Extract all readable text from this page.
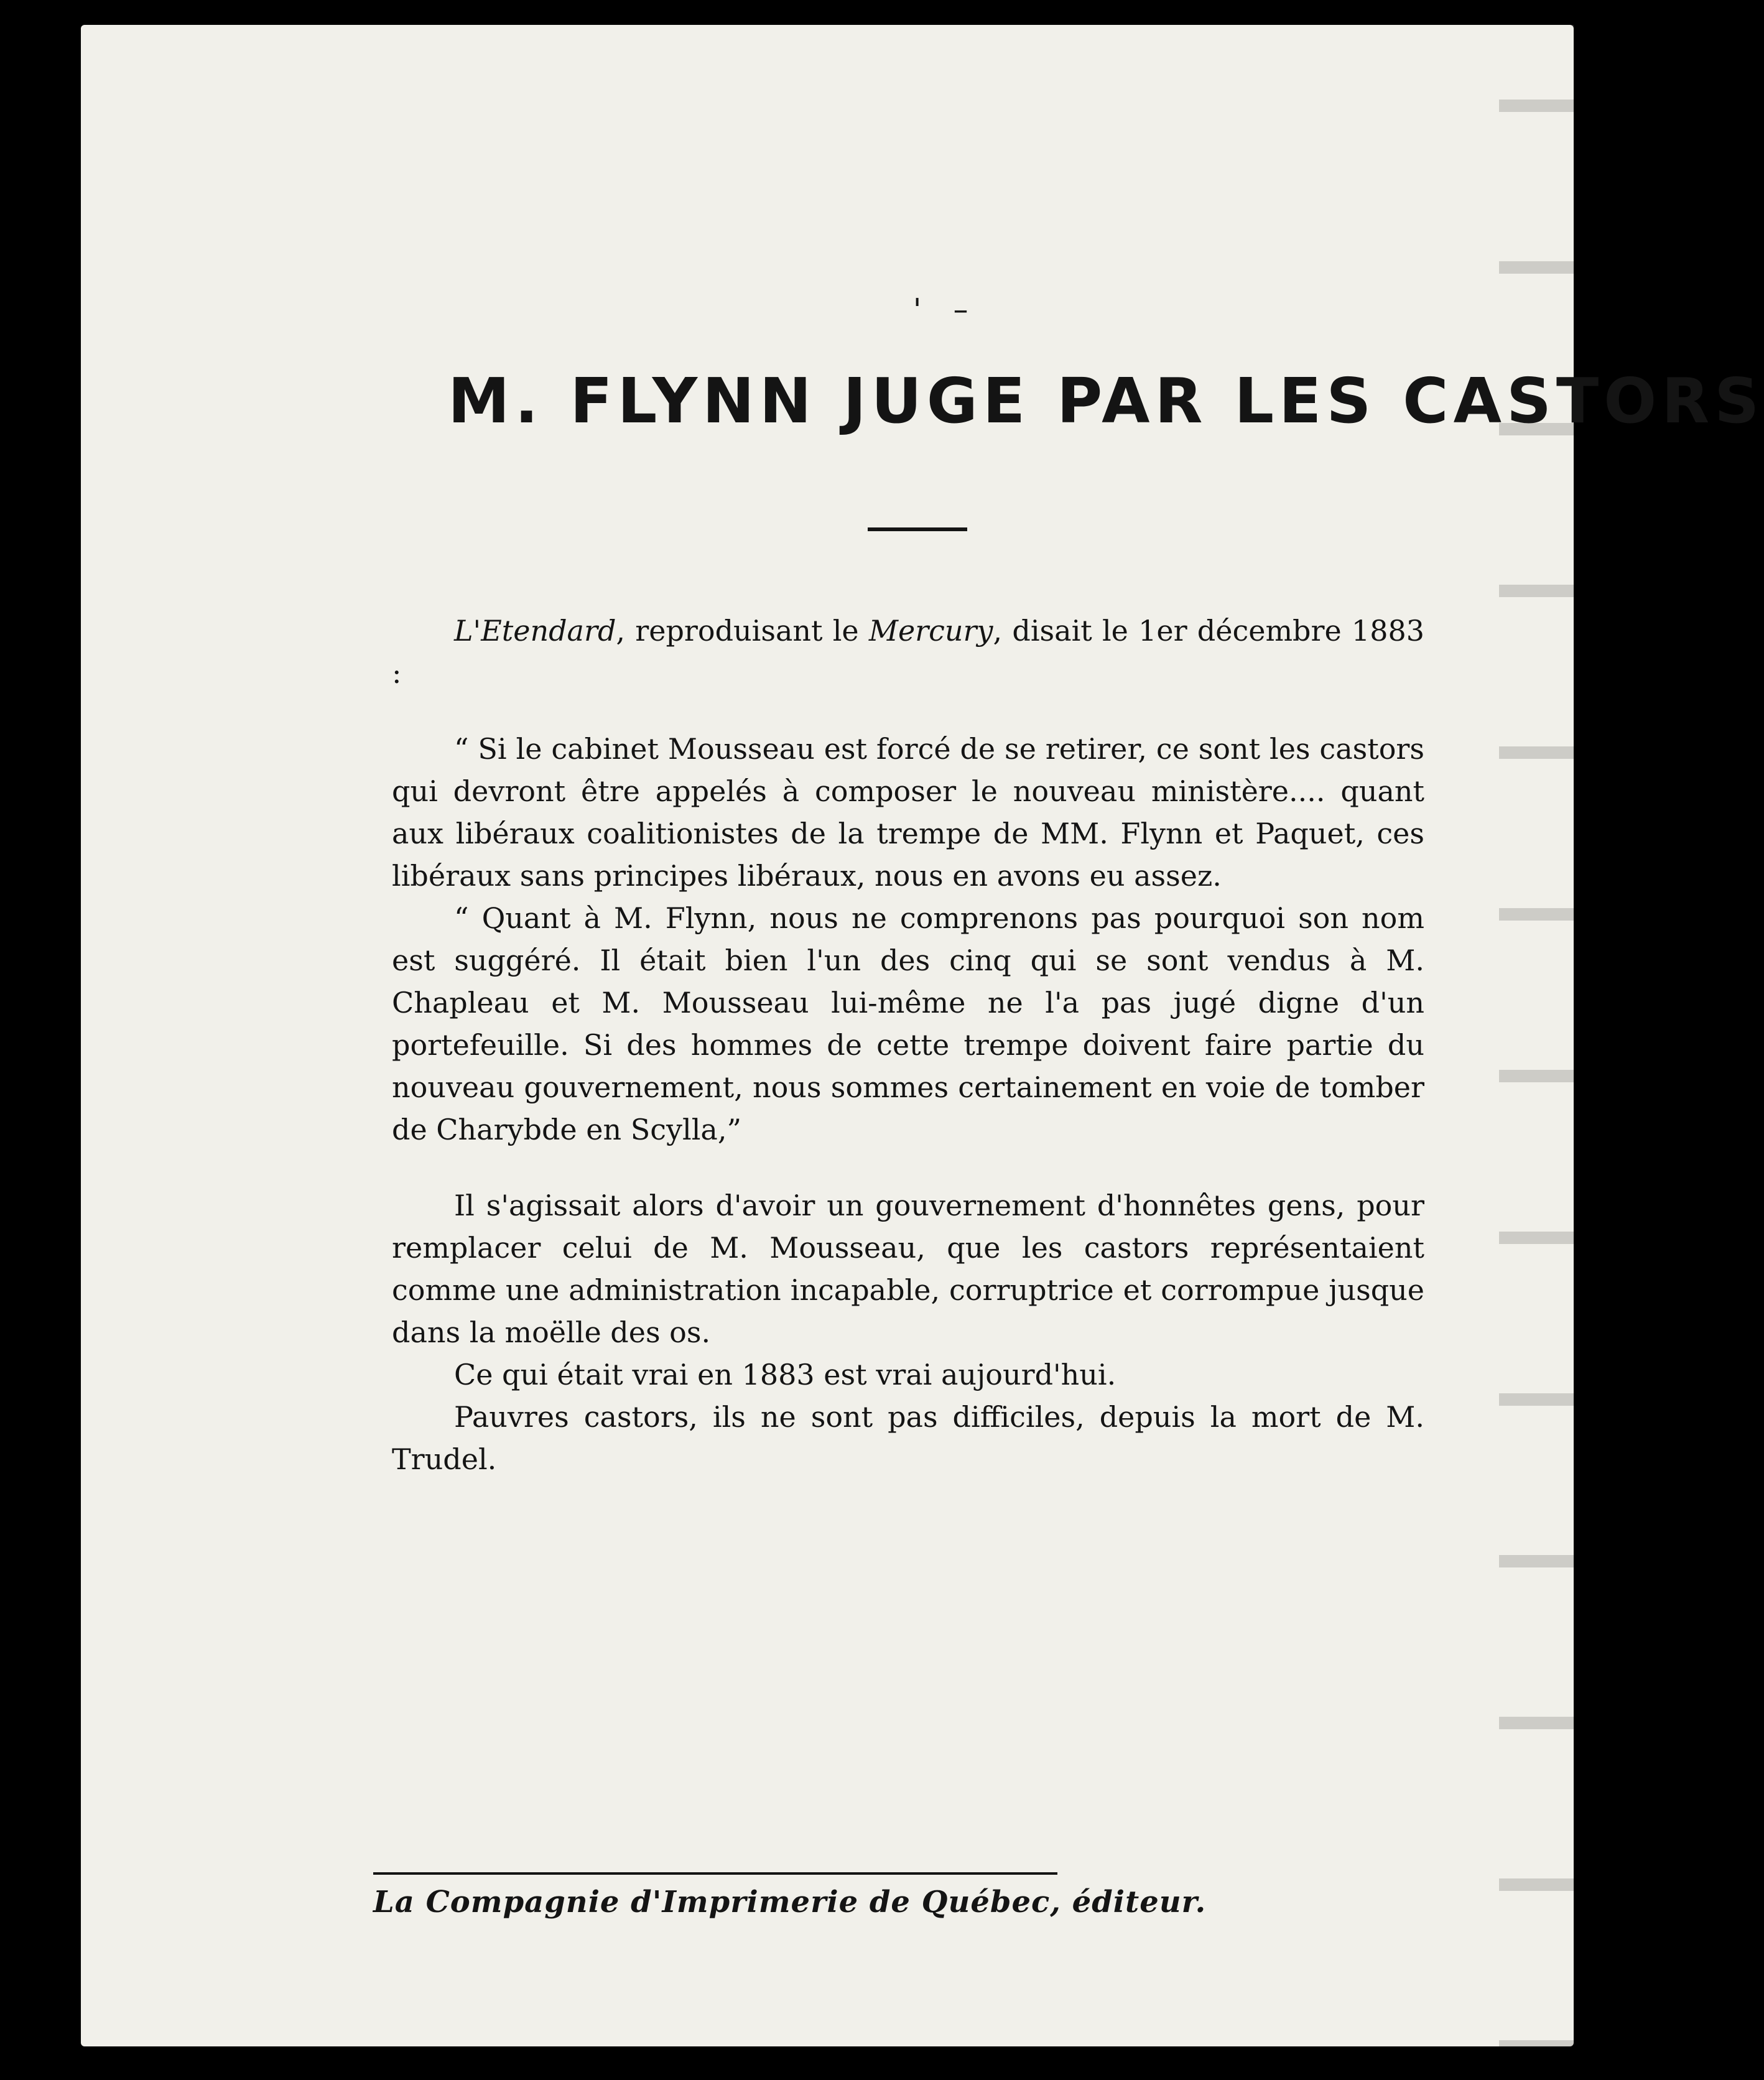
' –
M. FLYNN JUGE PAR LES CASTORS

L'Etendard, reproduisant le Mercury, disait le 1er décembre 1883 :

“ Si le cabinet Mousseau est forcé de se retirer, ce sont les castors qui devront être appelés à composer le nouveau ministère.... quant aux libéraux coalitionistes de la trempe de MM. Flynn et Paquet, ces libéraux sans principes libéraux, nous en avons eu assez.

“ Quant à M. Flynn, nous ne comprenons pas pourquoi son nom est suggéré. Il était bien l'un des cinq qui se sont vendus à M. Chapleau et M. Mousseau lui-même ne l'a pas jugé digne d'un portefeuille. Si des hommes de cette trempe doivent faire partie du nouveau gouvernement, nous sommes certainement en voie de tomber de Charybde en Scylla,”

Il s'agissait alors d'avoir un gouvernement d'honnêtes gens, pour remplacer celui de M. Mousseau, que les castors représentaient comme une administration incapable, corruptrice et corrompue jusque dans la moëlle des os.

Ce qui était vrai en 1883 est vrai aujourd'hui.

Pauvres castors, ils ne sont pas difficiles, depuis la mort de M. Trudel.

La Compagnie d'Imprimerie de Québec, éditeur.
